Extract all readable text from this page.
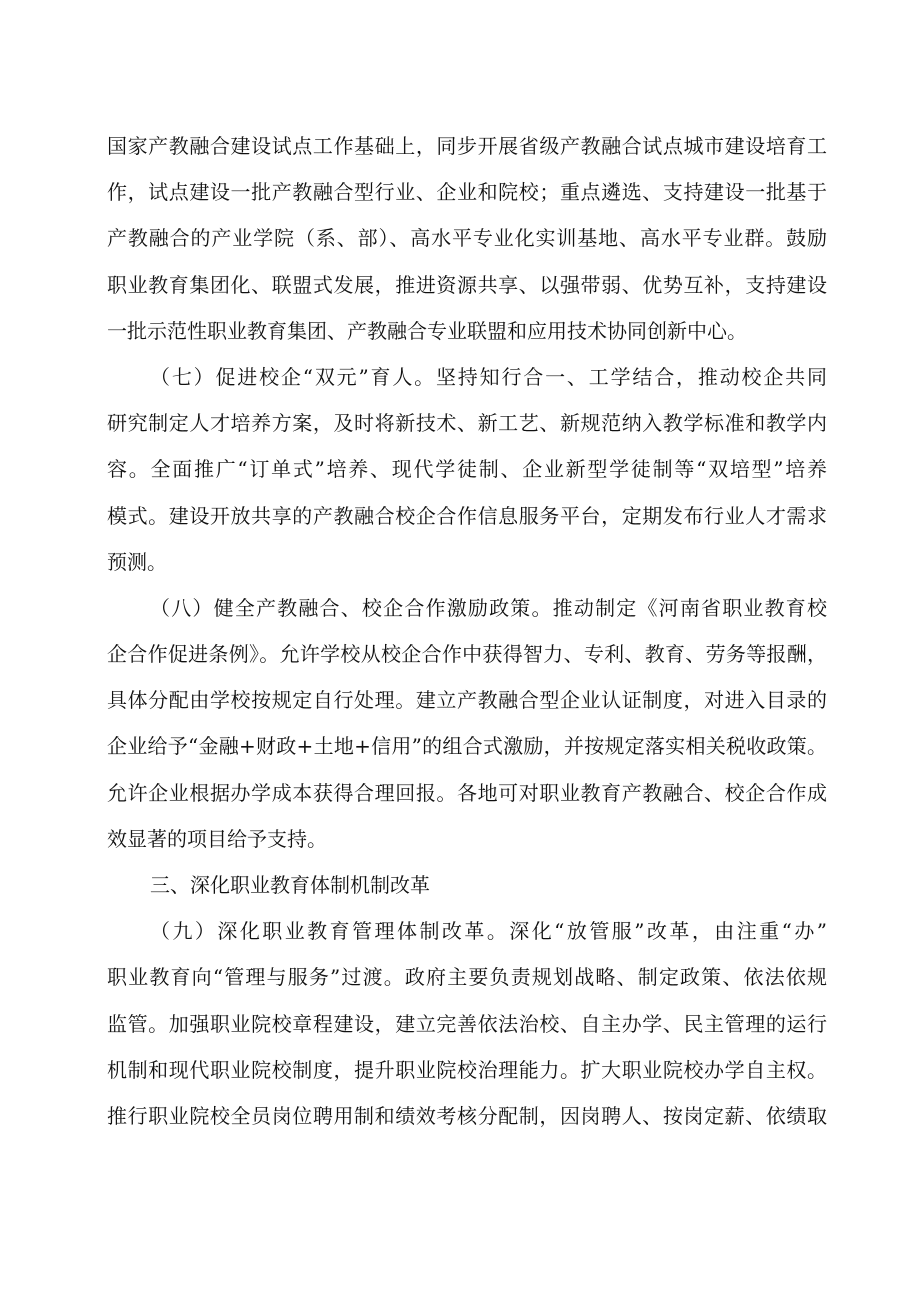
国家产教融合建设试点工作基础上，同步开展省级产教融合试点城市建设培育工
作，试点建设一批产教融合型行业、企业和院校；重点遴选、支持建设一批基于
产教融合的产业学院（系、部）、高水平专业化实训基地、高水平专业群。鼓励
职业教育集团化、联盟式发展，推进资源共享、以强带弱、优势互补，支持建设
一批示范性职业教育集团、产教融合专业联盟和应用技术协同创新中心。
（七）促进校企“双元”育人。坚持知行合一、工学结合，推动校企共同
研究制定人才培养方案，及时将新技术、新工艺、新规范纳入教学标准和教学内
容。全面推广“订单式”培养、现代学徒制、企业新型学徒制等“双培型”培养
模式。建设开放共享的产教融合校企合作信息服务平台，定期发布行业人才需求
预测。
（八）健全产教融合、校企合作激励政策。推动制定《河南省职业教育校
企合作促进条例》。允许学校从校企合作中获得智力、专利、教育、劳务等报酬，
具体分配由学校按规定自行处理。建立产教融合型企业认证制度，对进入目录的
企业给予“金融+财政+土地+信用”的组合式激励，并按规定落实相关税收政策。
允许企业根据办学成本获得合理回报。各地可对职业教育产教融合、校企合作成
效显著的项目给予支持。
三、深化职业教育体制机制改革
（九）深化职业教育管理体制改革。深化“放管服”改革，由注重“办”
职业教育向“管理与服务”过渡。政府主要负责规划战略、制定政策、依法依规
监管。加强职业院校章程建设，建立完善依法治校、自主办学、民主管理的运行
机制和现代职业院校制度，提升职业院校治理能力。扩大职业院校办学自主权。
推行职业院校全员岗位聘用制和绩效考核分配制，因岗聘人、按岗定薪、依绩取
